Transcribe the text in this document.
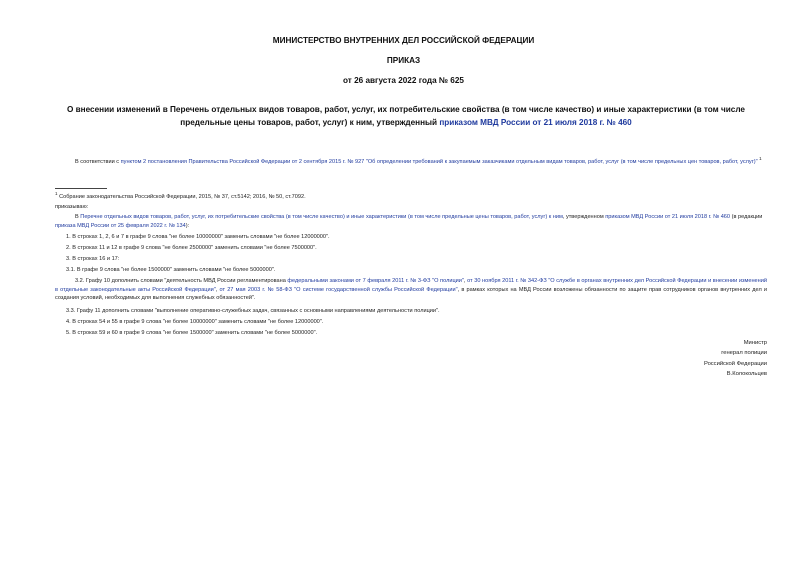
МИНИСТЕРСТВО ВНУТРЕННИХ ДЕЛ РОССИЙСКОЙ ФЕДЕРАЦИИ
ПРИКАЗ
от 26 августа 2022 года № 625
О внесении изменений в Перечень отдельных видов товаров, работ, услуг, их потребительские свойства (в том числе качество) и иные характеристики (в том числе предельные цены товаров, работ, услуг) к ним, утвержденный приказом МВД России от 21 июля 2018 г. № 460
В соответствии с пунктом 2 постановления Правительства Российской Федерации от 2 сентября 2015 г. № 927 "Об определении требований к закупаемым заказчиками отдельным видам товаров, работ, услуг (в том числе предельных цен товаров, работ, услуг)" $^1$
$^1$ Собрание законодательства Российской Федерации, 2015, № 37, ст.5142; 2016, № 50, ст.7092.
приказываю:
В Перечне отдельных видов товаров, работ, услуг, их потребительские свойства (в том числе качество) и иные характеристики (в том числе предельные цены товаров, работ, услуг) к ним, утвержденном приказом МВД России от 21 июля 2018 г. № 460 (в редакции приказа МВД России от 25 февраля 2022 г. № 134):
1. В строках 1, 2, 6 и 7 в графе 9 слова "не более 10000000" заменить словами "не более 12000000".
2. В строках 11 и 12 в графе 9 слова "не более 2500000" заменить словами "не более 7500000".
3. В строках 16 и 17:
3.1. В графе 9 слова "не более 1500000" заменить словами "не более 5000000".
3.2. Графу 10 дополнить словами "деятельность МВД России регламентирована федеральными законами от 7 февраля 2011 г. № 3-ФЗ "О полиции", от 30 ноября 2011 г. № 342-ФЗ "О службе в органах внутренних дел Российской Федерации и внесении изменений в отдельные законодательные акты Российской Федерации", от 27 мая 2003 г. № 58-ФЗ "О системе государственной службы Российской Федерации", в рамках которых на МВД России возложены обязанности по защите прав сотрудников органов внутренних дел и создания условий, необходимых для выполнения служебных обязанностей".
3.3. Графу 11 дополнить словами "выполнение оперативно-служебных задач, связанных с основными направлениями деятельности полиции".
4. В строках 54 и 55 в графе 9 слова "не более 10000000" заменить словами "не более 12000000".
5. В строках 59 и 60 в графе 9 слова "не более 1500000" заменить словами "не более 5000000".
Министр
генерал полиции
Российской Федерации
В.Колокольцев
